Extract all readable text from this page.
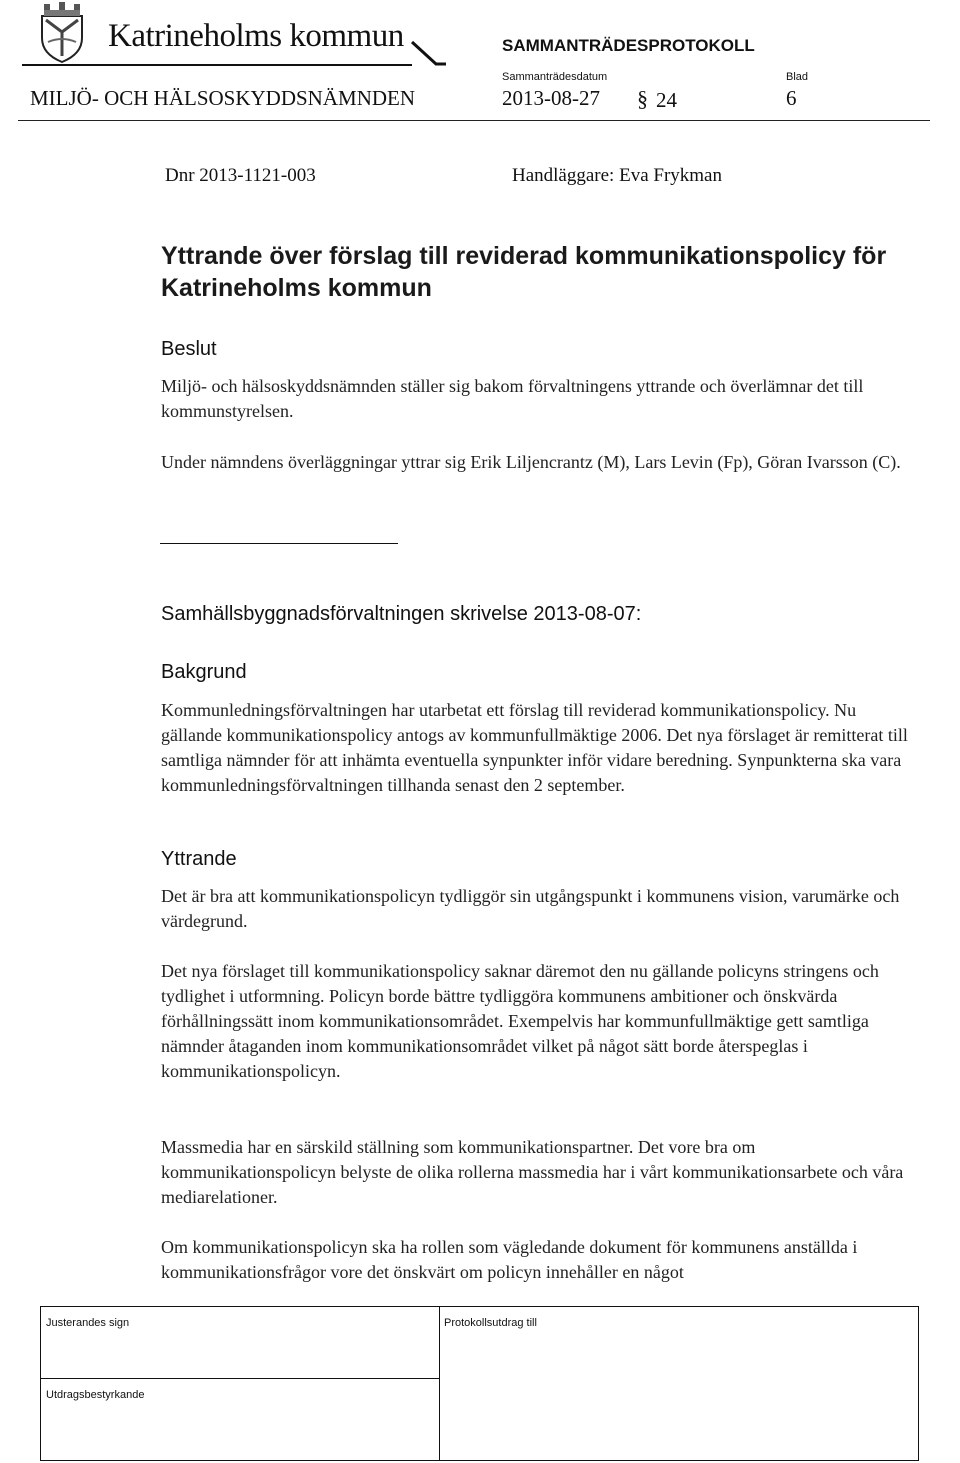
Katrineholms kommun	SAMMANTRÄDESPROTOKOLL
Sammanträdesdatum	Blad
MILJÖ- OCH HÄLSOSKYDDSNÄMNDEN	2013-08-27 § 24	6
Dnr 2013-1121-003	Handläggare: Eva Frykman
Yttrande över förslag till reviderad kommunikationspolicy för Katrineholms kommun
Beslut

Miljö- och hälsoskyddsnämnden ställer sig bakom förvaltningens yttrande och överlämnar det till kommunstyrelsen.

Under nämndens överläggningar yttrar sig Erik Liljencrantz (M), Lars Levin (Fp), Göran Ivarsson (C).

Samhällsbyggnadsförvaltningen skrivelse 2013-08-07:
Bakgrund

Kommunledningsförvaltningen har utarbetat ett förslag till reviderad kommunikationspolicy. Nu gällande kommunikationspolicy antogs av kommunfullmäktige 2006. Det nya förslaget är remitterat till samtliga nämnder för att inhämta eventuella synpunkter inför vidare beredning. Synpunkterna ska vara kommunledningsförvaltningen tillhanda senast den 2 september.

Yttrande

Det är bra att kommunikationspolicyn tydliggör sin utgångspunkt i kommunens vision, varumärke och värdegrund.

Det nya förslaget till kommunikationspolicy saknar däremot den nu gällande policyns stringens och tydlighet i utformning. Policyn borde bättre tydliggöra kommunens ambitioner och önskvärda förhållningssätt inom kommunikationsområdet. Exempelvis har kommunfullmäktige gett samtliga nämnder åtaganden inom kommunikationsområdet vilket på något sätt borde återspeglas i kommunikationspolicyn.

Massmedia har en särskild ställning som kommunikationspartner. Det vore bra om kommunikationspolicyn belyste de olika rollerna massmedia har i vårt kommunikationsarbete och våra mediarelationer.

Om kommunikationspolicyn ska ha rollen som vägledande dokument för kommunens anställda i kommunikationsfrågor vore det önskvärt om policyn innehåller en något

Justerandes sign	Protokollsutdrag till
Utdragsbestyrkande
